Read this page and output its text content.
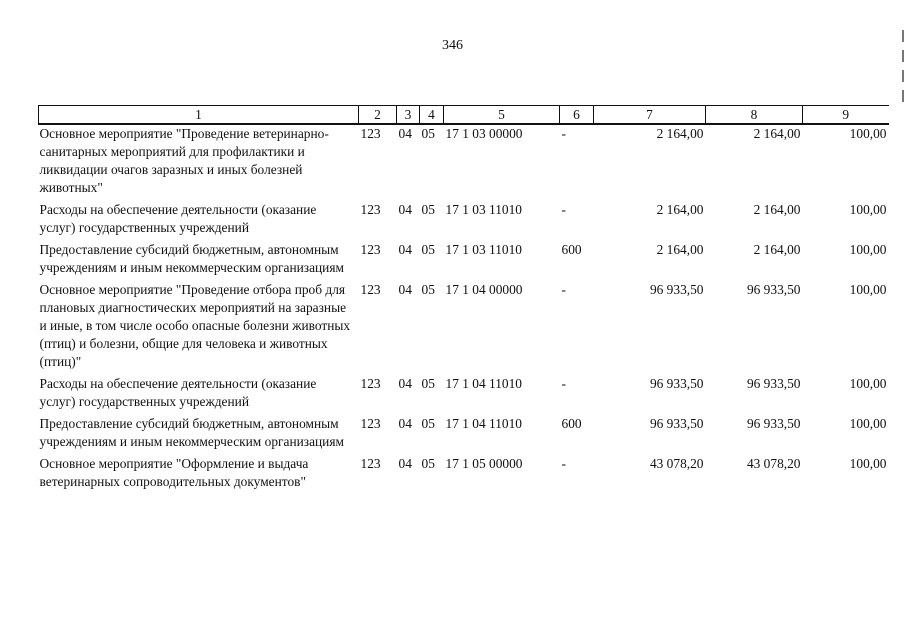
346
1	2	3	4	5	6	7	8	9
Основное мероприятие "Проведение ветеринарно-санитарных мероприятий для профилактики и ликвидации очагов заразных и иных болезней животных"	123	04	05	17 1 03 00000	-	2 164,00	2 164,00	100,00
Расходы на обеспечение деятельности (оказание услуг) государственных учреждений	123	04	05	17 1 03 11010	-	2 164,00	2 164,00	100,00
Предоставление субсидий бюджетным, автономным учреждениям и иным некоммерческим организациям	123	04	05	17 1 03 11010	600	2 164,00	2 164,00	100,00
Основное мероприятие "Проведение отбора проб для плановых диагностических мероприятий на заразные и иные, в том числе особо опасные болезни животных (птиц) и болезни, общие для человека и животных (птиц)"	123	04	05	17 1 04 00000	-	96 933,50	96 933,50	100,00
Расходы на обеспечение деятельности (оказание услуг) государственных учреждений	123	04	05	17 1 04 11010	-	96 933,50	96 933,50	100,00
Предоставление субсидий бюджетным, автономным учреждениям и иным некоммерческим организациям	123	04	05	17 1 04 11010	600	96 933,50	96 933,50	100,00
Основное мероприятие "Оформление и выдача ветеринарных сопроводительных документов"	123	04	05	17 1 05 00000	-	43 078,20	43 078,20	100,00
